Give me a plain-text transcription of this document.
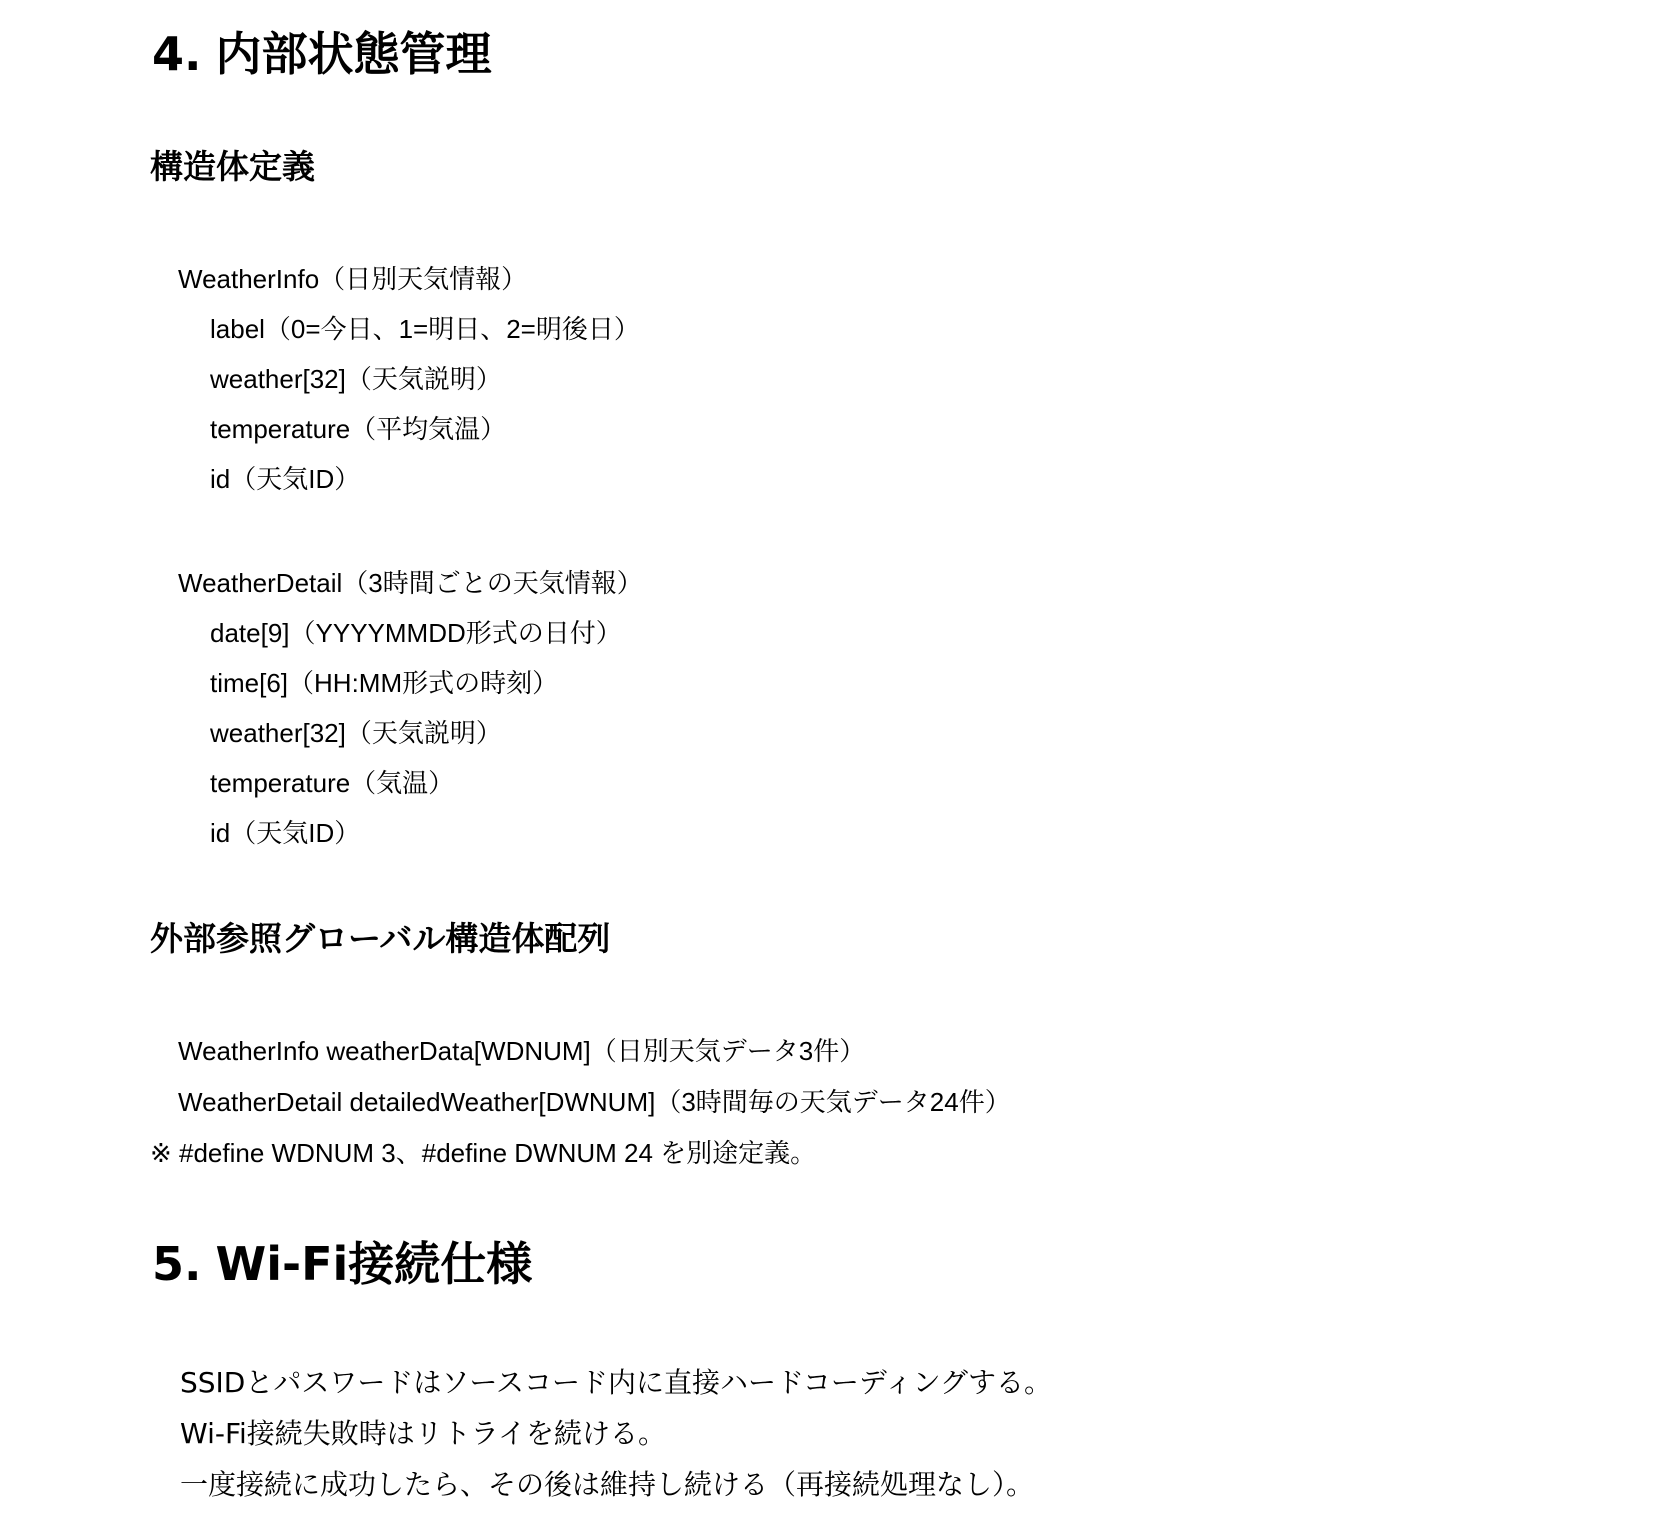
4. 内部状態管理
構造体定義
WeatherInfo（日別天気情報）
label（0=今日、1=明日、2=明後日）
weather[32]（天気説明）
temperature（平均気温）
id（天気ID）
WeatherDetail（3時間ごとの天気情報）
date[9]（YYYYMMDD形式の日付）
time[6]（HH:MM形式の時刻）
weather[32]（天気説明）
temperature（気温）
id（天気ID）
外部参照グローバル構造体配列
WeatherInfo weatherData[WDNUM]（日別天気データ3件）
WeatherDetail detailedWeather[DWNUM]（3時間毎の天気データ24件）
※ #define WDNUM 3、#define DWNUM 24 を別途定義。
5. Wi-Fi接続仕様
SSIDとパスワードはソースコード内に直接ハードコーディングする。
Wi-Fi接続失敗時はリトライを続ける。
一度接続に成功したら、その後は維持し続ける（再接続処理なし）。
